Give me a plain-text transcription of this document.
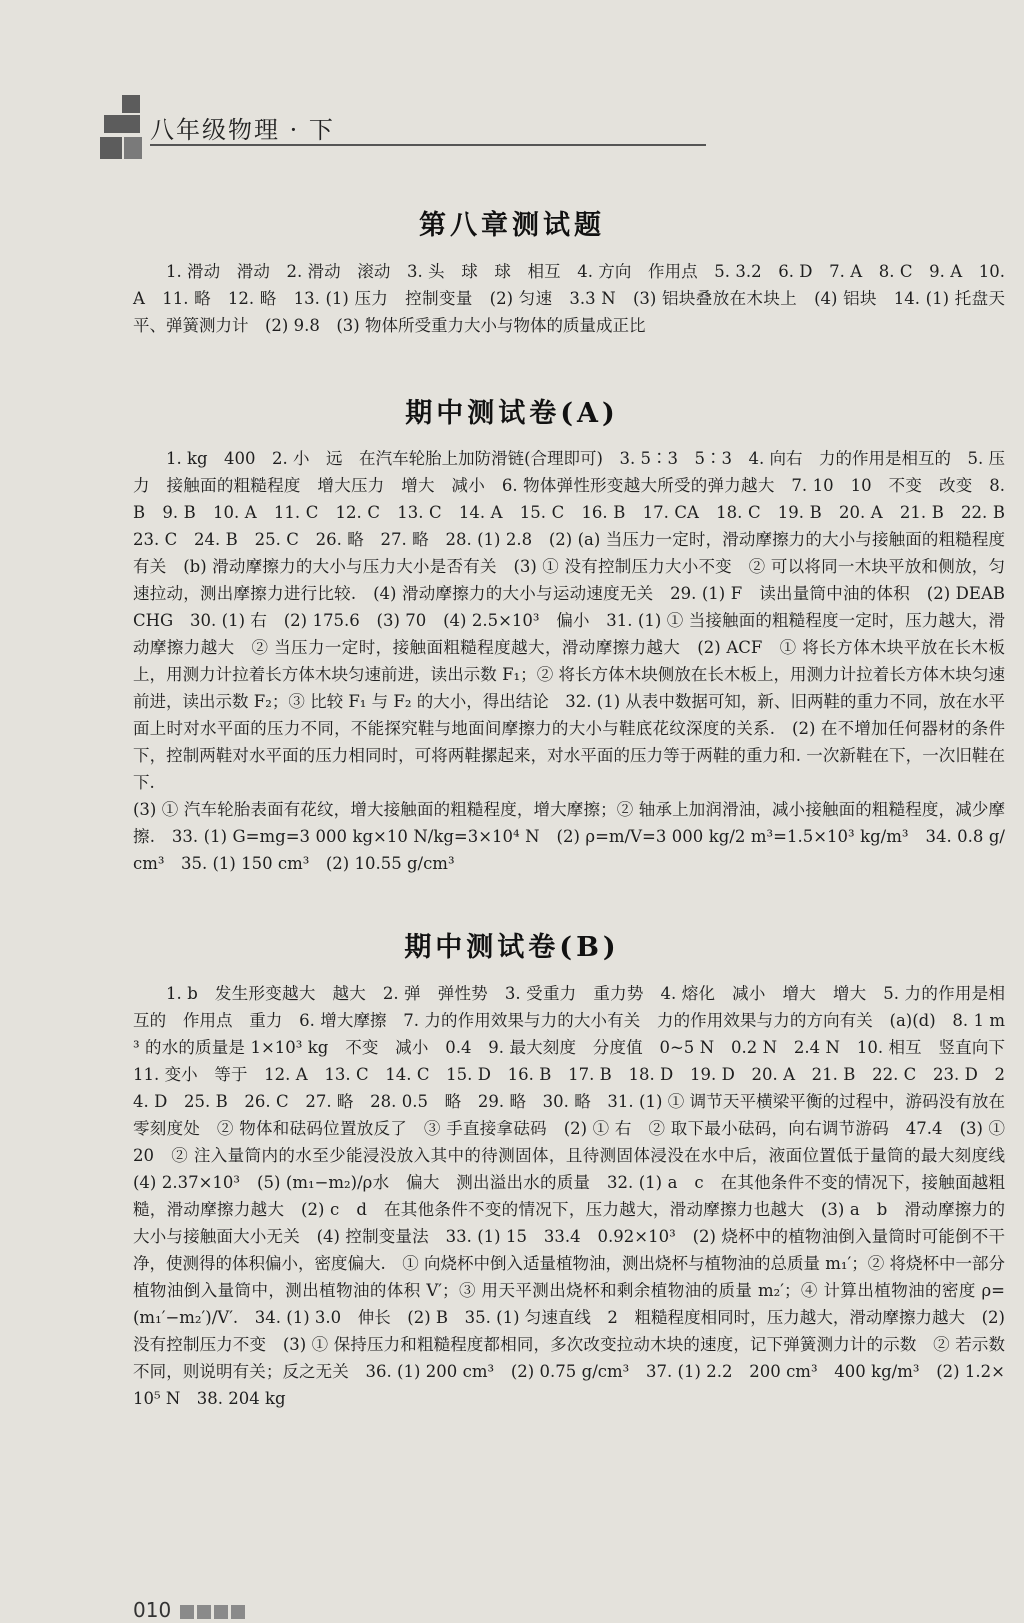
八年级物理 · 下
第八章测试题

1. 滑动　滑动　2. 滑动　滚动　3. 头　球　球　相互　4. 方向　作用点　5. 3.2　6. D　7. A　8. C　9. A　10. A　11. 略　12. 略　13. (1) 压力　控制变量　(2) 匀速　3.3 N　(3) 铝块叠放在木块上　(4) 铝块　14. (1) 托盘天平、弹簧测力计　(2) 9.8　(3) 物体所受重力大小与物体的质量成正比

期中测试卷(A)

1. kg　400　2. 小　远　在汽车轮胎上加防滑链(合理即可)　3. 5∶3　5∶3　4. 向右　力的作用是相互的　5. 压力　接触面的粗糙程度　增大压力　增大　减小　6. 物体弹性形变越大所受的弹力越大　7. 10　10　不变　改变　8. B　9. B　10. A　11. C　12. C　13. C　14. A　15. C　16. B　17. CA　18. C　19. B　20. A　21. B　22. B　23. C　24. B　25. C　26. 略　27. 略　28. (1) 2.8　(2) (a) 当压力一定时，滑动摩擦力的大小与接触面的粗糙程度有关　(b) 滑动摩擦力的大小与压力大小是否有关　(3) ① 没有控制压力大小不变　② 可以将同一木块平放和侧放，匀速拉动，测出摩擦力进行比较.　(4) 滑动摩擦力的大小与运动速度无关　29. (1) F　读出量筒中油的体积　(2) DEABCHG　30. (1) 右　(2) 175.6　(3) 70　(4) 2.5×10³　偏小　31. (1) ① 当接触面的粗糙程度一定时，压力越大，滑动摩擦力越大　② 当压力一定时，接触面粗糙程度越大，滑动摩擦力越大　(2) ACF　① 将长方体木块平放在长木板上，用测力计拉着长方体木块匀速前进，读出示数 F₁；② 将长方体木块侧放在长木板上，用测力计拉着长方体木块匀速前进，读出示数 F₂；③ 比较 F₁ 与 F₂ 的大小，得出结论　32. (1) 从表中数据可知，新、旧两鞋的重力不同，放在水平面上时对水平面的压力不同，不能探究鞋与地面间摩擦力的大小与鞋底花纹深度的关系.　(2) 在不增加任何器材的条件下，控制两鞋对水平面的压力相同时，可将两鞋摞起来，对水平面的压力等于两鞋的重力和. 一次新鞋在下，一次旧鞋在下.

(3) ① 汽车轮胎表面有花纹，增大接触面的粗糙程度，增大摩擦；② 轴承上加润滑油，减小接触面的粗糙程度，减少摩擦.　33. (1) G=mg=3 000 kg×10 N/kg=3×10⁴ N　(2) ρ=m/V=3 000 kg/2 m³=1.5×10³ kg/m³　34. 0.8 g/cm³　35. (1) 150 cm³　(2) 10.55 g/cm³

期中测试卷(B)

1. b　发生形变越大　越大　2. 弹　弹性势　3. 受重力　重力势　4. 熔化　减小　增大　增大　5. 力的作用是相互的　作用点　重力　6. 增大摩擦　7. 力的作用效果与力的大小有关　力的作用效果与力的方向有关　(a)(d)　8. 1 m³ 的水的质量是 1×10³ kg　不变　减小　0.4　9. 最大刻度　分度值　0~5 N　0.2 N　2.4 N　10. 相互　竖直向下　11. 变小　等于　12. A　13. C　14. C　15. D　16. B　17. B　18. D　19. D　20. A　21. B　22. C　23. D　24. D　25. B　26. C　27. 略　28. 0.5　略　29. 略　30. 略　31. (1) ① 调节天平横梁平衡的过程中，游码没有放在零刻度处　② 物体和砝码位置放反了　③ 手直接拿砝码　(2) ① 右　② 取下最小砝码，向右调节游码　47.4　(3) ① 20　② 注入量筒内的水至少能浸没放入其中的待测固体，且待测固体浸没在水中后，液面位置低于量筒的最大刻度线　(4) 2.37×10³　(5) (m₁−m₂)/ρ水　偏大　测出溢出水的质量　32. (1) a　c　在其他条件不变的情况下，接触面越粗糙，滑动摩擦力越大　(2) c　d　在其他条件不变的情况下，压力越大，滑动摩擦力也越大　(3) a　b　滑动摩擦力的大小与接触面大小无关　(4) 控制变量法　33. (1) 15　33.4　0.92×10³　(2) 烧杯中的植物油倒入量筒时可能倒不干净，使测得的体积偏小，密度偏大.　① 向烧杯中倒入适量植物油，测出烧杯与植物油的总质量 m₁′；② 将烧杯中一部分植物油倒入量筒中，测出植物油的体积 V′；③ 用天平测出烧杯和剩余植物油的质量 m₂′；④ 计算出植物油的密度 ρ=(m₁′−m₂′)/V′.　34. (1) 3.0　伸长　(2) B　35. (1) 匀速直线　2　粗糙程度相同时，压力越大，滑动摩擦力越大　(2) 没有控制压力不变　(3) ① 保持压力和粗糙程度都相同，多次改变拉动木块的速度，记下弹簧测力计的示数　② 若示数不同，则说明有关；反之无关　36. (1) 200 cm³　(2) 0.75 g/cm³　37. (1) 2.2　200 cm³　400 kg/m³　(2) 1.2×10⁵ N　38. 204 kg

010
